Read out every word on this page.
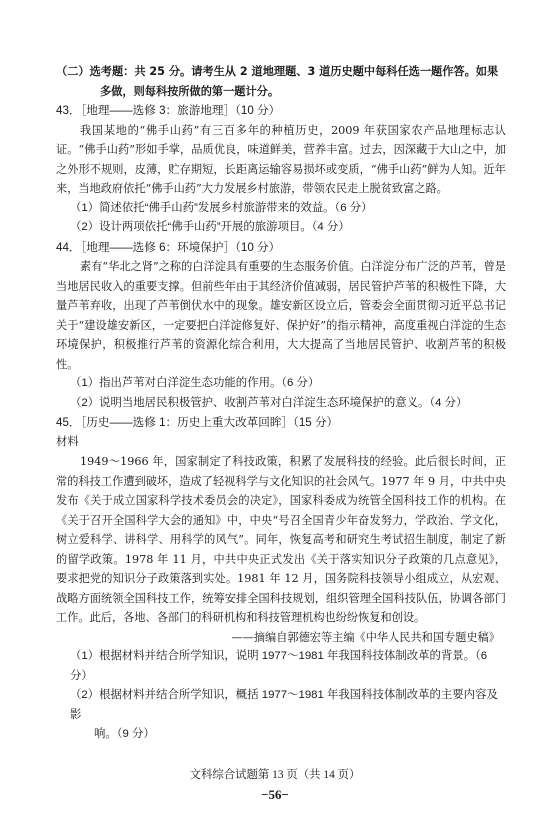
（二）选考题：共 25 分。请考生从 2 道地理题、3 道历史题中每科任选一题作答。如果
多做，则每科按所做的第一题计分。

43．［地理——选修 3：旅游地理］（10 分）

我国某地的“佛手山药”有三百多年的种植历史，2009 年获国家农产品地理标志认证。“佛手山药”形如手掌，品质优良，味道鲜美，营养丰富。过去，因深藏于大山之中，加之外形不规则，皮薄，贮存期短，长距离运输容易损坏或变质，“佛手山药”鲜为人知。近年来，当地政府依托“佛手山药”大力发展乡村旅游，带领农民走上脱贫致富之路。

（1）简述依托“佛手山药”发展乡村旅游带来的效益。（6 分）

（2）设计两项依托“佛手山药”开展的旅游项目。（4 分）

44．［地理——选修 6：环境保护］（10 分）

素有“华北之肾”之称的白洋淀具有重要的生态服务价值。白洋淀分布广泛的芦苇，曾是当地居民收入的重要支撑。但前些年由于其经济价值减弱，居民管护芦苇的积极性下降，大量芦苇弃收，出现了芦苇倒伏水中的现象。雄安新区设立后，管委会全面贯彻习近平总书记关于“建设雄安新区，一定要把白洋淀修复好、保护好”的指示精神，高度重视白洋淀的生态环境保护，积极推行芦苇的资源化综合利用，大大提高了当地居民管护、收割芦苇的积极性。

（1）指出芦苇对白洋淀生态功能的作用。（6 分）

（2）说明当地居民积极管护、收割芦苇对白洋淀生态环境保护的意义。（4 分）

45．［历史——选修 1：历史上重大改革回眸］（15 分）

材料

1949～1966 年，国家制定了科技政策，积累了发展科技的经验。此后很长时间，正常的科技工作遭到破坏，造成了轻视科学与文化知识的社会风气。1977 年 9 月，中共中央发布《关于成立国家科学技术委员会的决定》，国家科委成为统管全国科技工作的机构。在《关于召开全国科学大会的通知》中，中央“号召全国青少年奋发努力，学政治、学文化，树立爱科学、讲科学、用科学的风气”。同年，恢复高考和研究生考试招生制度，制定了新的留学政策。1978 年 11 月，中共中央正式发出《关于落实知识分子政策的几点意见》，要求把党的知识分子政策落到实处。1981 年 12 月，国务院科技领导小组成立，从宏观、战略方面统领全国科技工作，统筹安排全国科技规划，组织管理全国科技队伍，协调各部门工作。此后，各地、各部门的科研机构和科技管理机构也纷纷恢复和创设。

——摘编自郭德宏等主编《中华人民共和国专题史稿》

（1）根据材料并结合所学知识，说明 1977～1981 年我国科技体制改革的背景。（6 分）

（2）根据材料并结合所学知识，概括 1977～1981 年我国科技体制改革的主要内容及影
响。（9 分）

文科综合试题第 13 页（共 14 页）
−56−
